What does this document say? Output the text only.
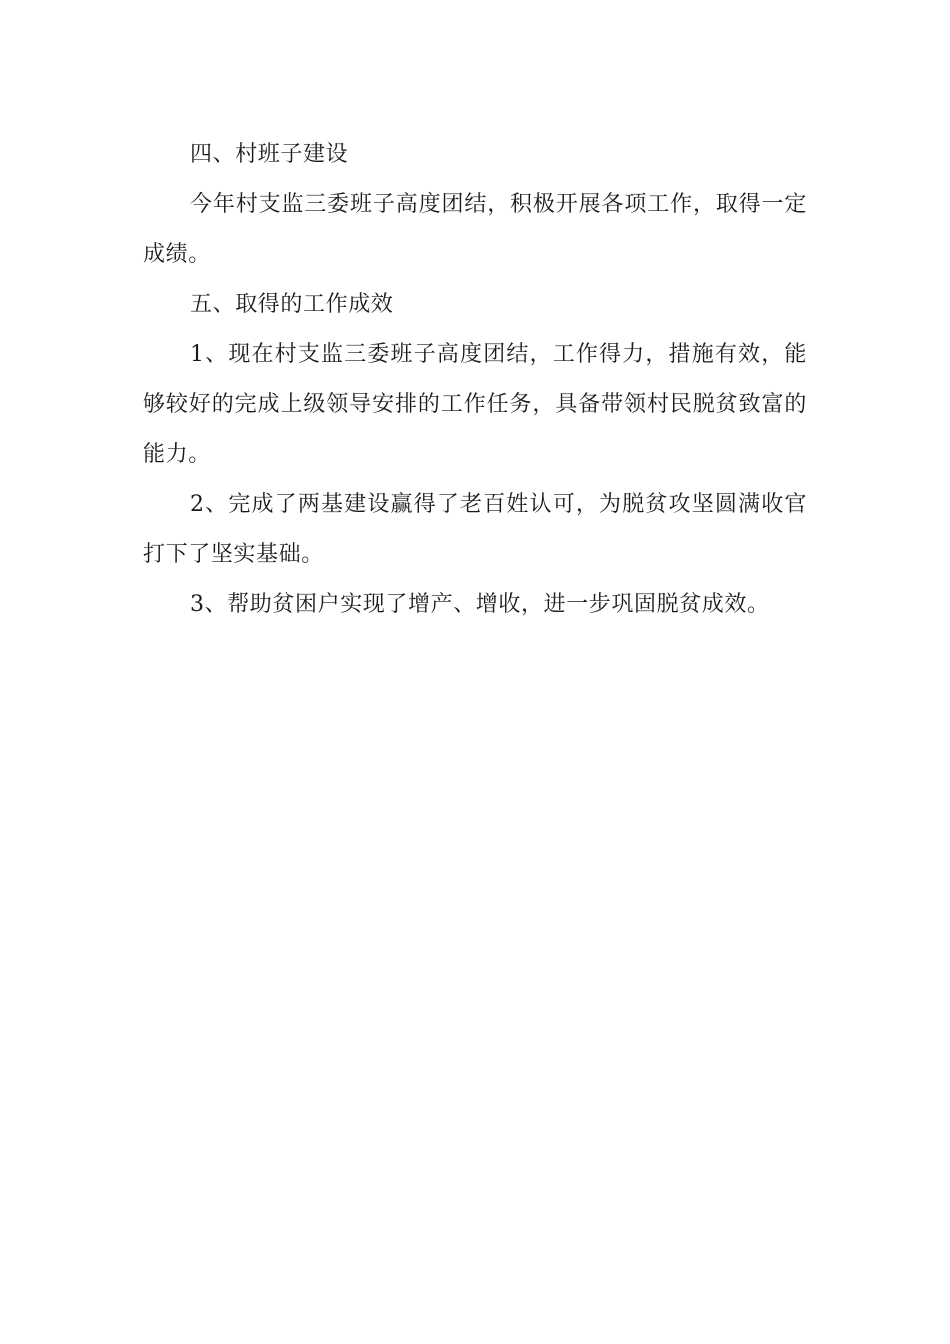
四、村班子建设

今年村支监三委班子高度团结，积极开展各项工作，取得一定成绩。

五、取得的工作成效

1、现在村支监三委班子高度团结，工作得力，措施有效，能够较好的完成上级领导安排的工作任务，具备带领村民脱贫致富的能力。

2、完成了两基建设赢得了老百姓认可，为脱贫攻坚圆满收官打下了坚实基础。

3、帮助贫困户实现了增产、增收，进一步巩固脱贫成效。
